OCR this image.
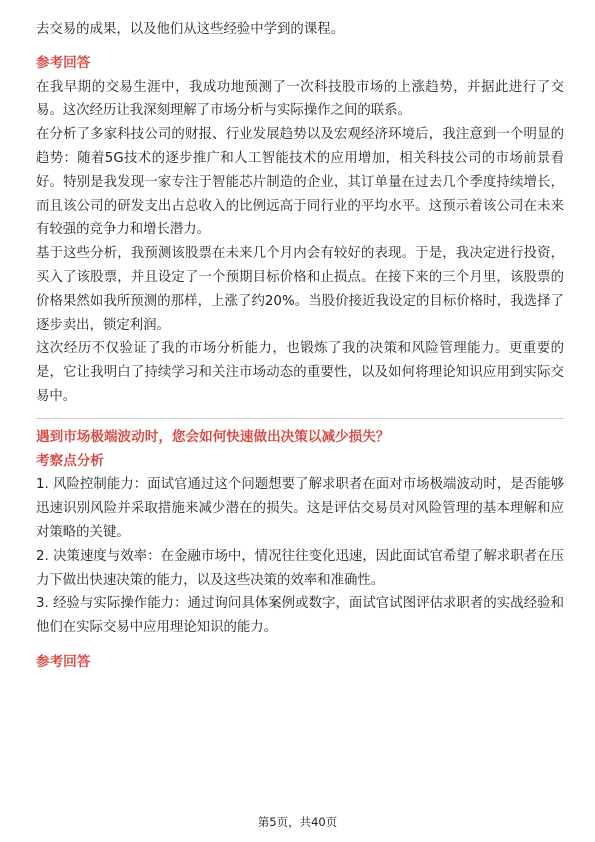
去交易的成果，以及他们从这些经验中学到的课程。

参考回答

在我早期的交易生涯中，我成功地预测了一次科技股市场的上涨趋势，并据此进行了交易。这次经历让我深刻理解了市场分析与实际操作之间的联系。

在分析了多家科技公司的财报、行业发展趋势以及宏观经济环境后，我注意到一个明显的趋势：随着5G技术的逐步推广和人工智能技术的应用增加，相关科技公司的市场前景看好。特别是我发现一家专注于智能芯片制造的企业，其订单量在过去几个季度持续增长，而且该公司的研发支出占总收入的比例远高于同行业的平均水平。这预示着该公司在未来有较强的竞争力和增长潜力。

基于这些分析，我预测该股票在未来几个月内会有较好的表现。于是，我决定进行投资，买入了该股票，并且设定了一个预期目标价格和止损点。在接下来的三个月里，该股票的价格果然如我所预测的那样，上涨了约20%。当股价接近我设定的目标价格时，我选择了逐步卖出，锁定利润。

这次经历不仅验证了我的市场分析能力，也锻炼了我的决策和风险管理能力。更重要的是，它让我明白了持续学习和关注市场动态的重要性，以及如何将理论知识应用到实际交易中。

遇到市场极端波动时，您会如何快速做出决策以减少损失？

考察点分析

1. 风险控制能力：面试官通过这个问题想要了解求职者在面对市场极端波动时，是否能够迅速识别风险并采取措施来减少潜在的损失。这是评估交易员对风险管理的基本理解和应对策略的关键。

2. 决策速度与效率：在金融市场中，情况往往变化迅速，因此面试官希望了解求职者在压力下做出快速决策的能力，以及这些决策的效率和准确性。

3. 经验与实际操作能力：通过询问具体案例或数字，面试官试图评估求职者的实战经验和他们在实际交易中应用理论知识的能力。

参考回答

第5页，共40页
